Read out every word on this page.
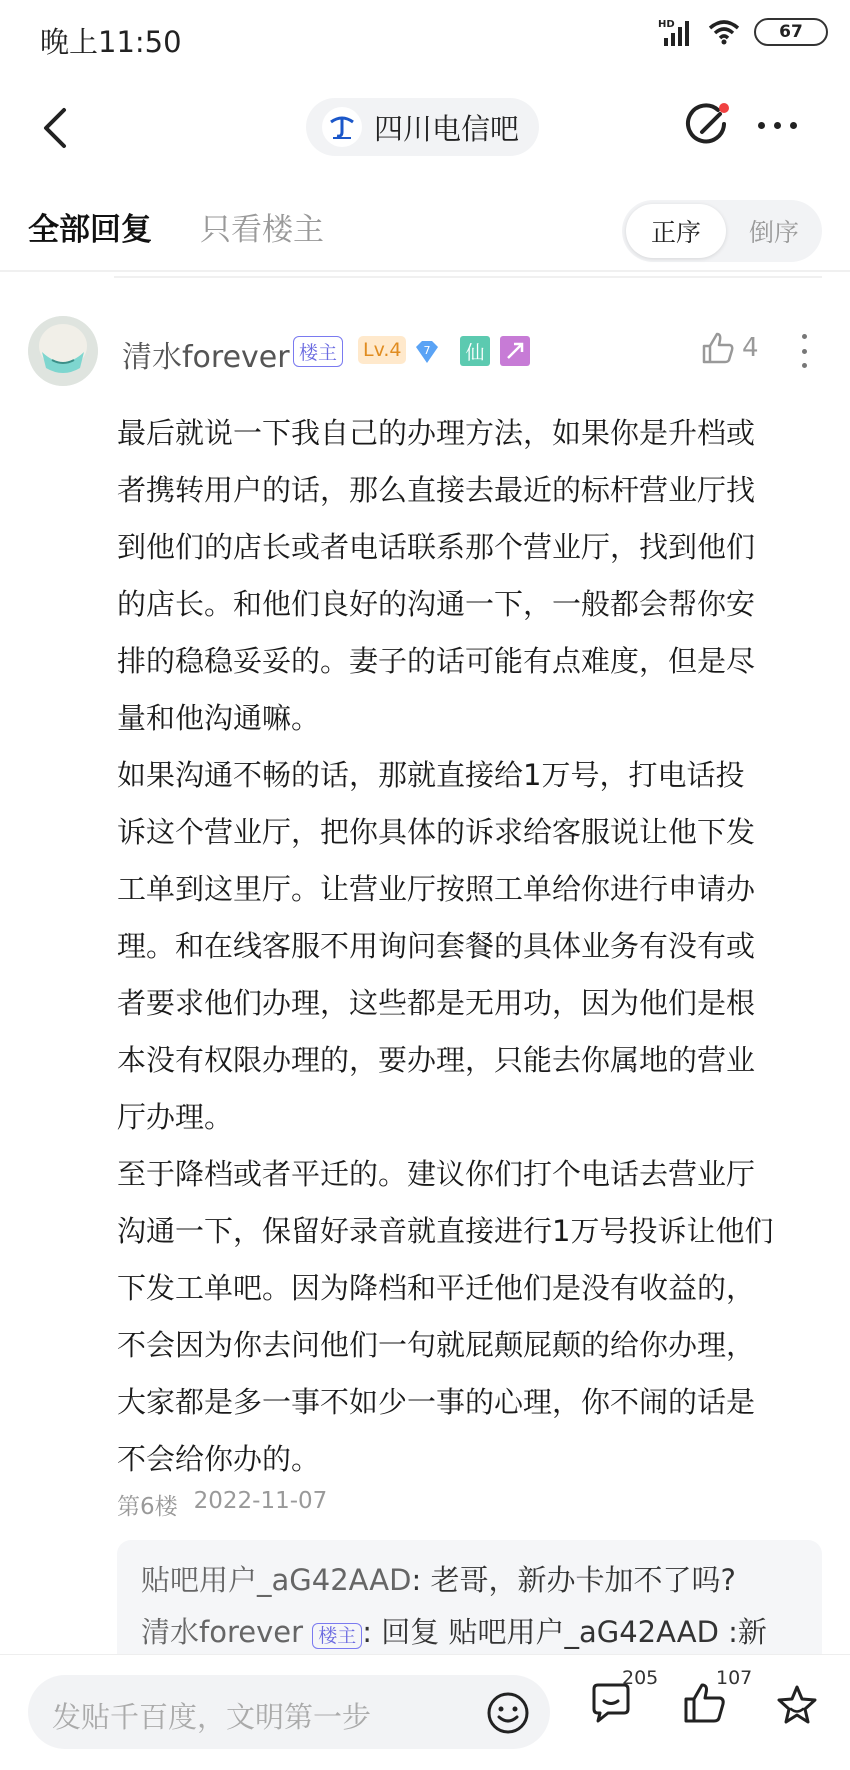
晚上11:50
HD	67
四川电信吧
全部回复 只看楼主	正序	倒序
清水forever 楼主	Lv.4	7 仙	4

最后就说一下我自己的办理方法，如果你是升档或

者携转用户的话，那么直接去最近的标杆营业厅找

到他们的店长或者电话联系那个营业厅，找到他们

的店长。和他们良好的沟通一下，一般都会帮你安

排的稳稳妥妥的。妻子的话可能有点难度，但是尽

量和他沟通嘛。

如果沟通不畅的话，那就直接给1万号，打电话投

诉这个营业厅，把你具体的诉求给客服说让他下发

工单到这里厅。让营业厅按照工单给你进行申请办

理。和在线客服不用询问套餐的具体业务有没有或

者要求他们办理，这些都是无用功，因为他们是根

本没有权限办理的，要办理，只能去你属地的营业

厅办理。

至于降档或者平迁的。建议你们打个电话去营业厅

沟通一下，保留好录音就直接进行1万号投诉让他们

下发工单吧。因为降档和平迁他们是没有收益的，

不会因为你去问他们一句就屁颠屁颠的给你办理，

大家都是多一事不如少一事的心理，你不闹的话是

不会给你办的。

第6楼 2022-11-07
贴吧用户_aG42AAD: 老哥，新办卡加不了吗?
清水forever 楼主 : 回复 贴吧用户_aG42AAD :新
发贴千百度，文明第一步
205	107
